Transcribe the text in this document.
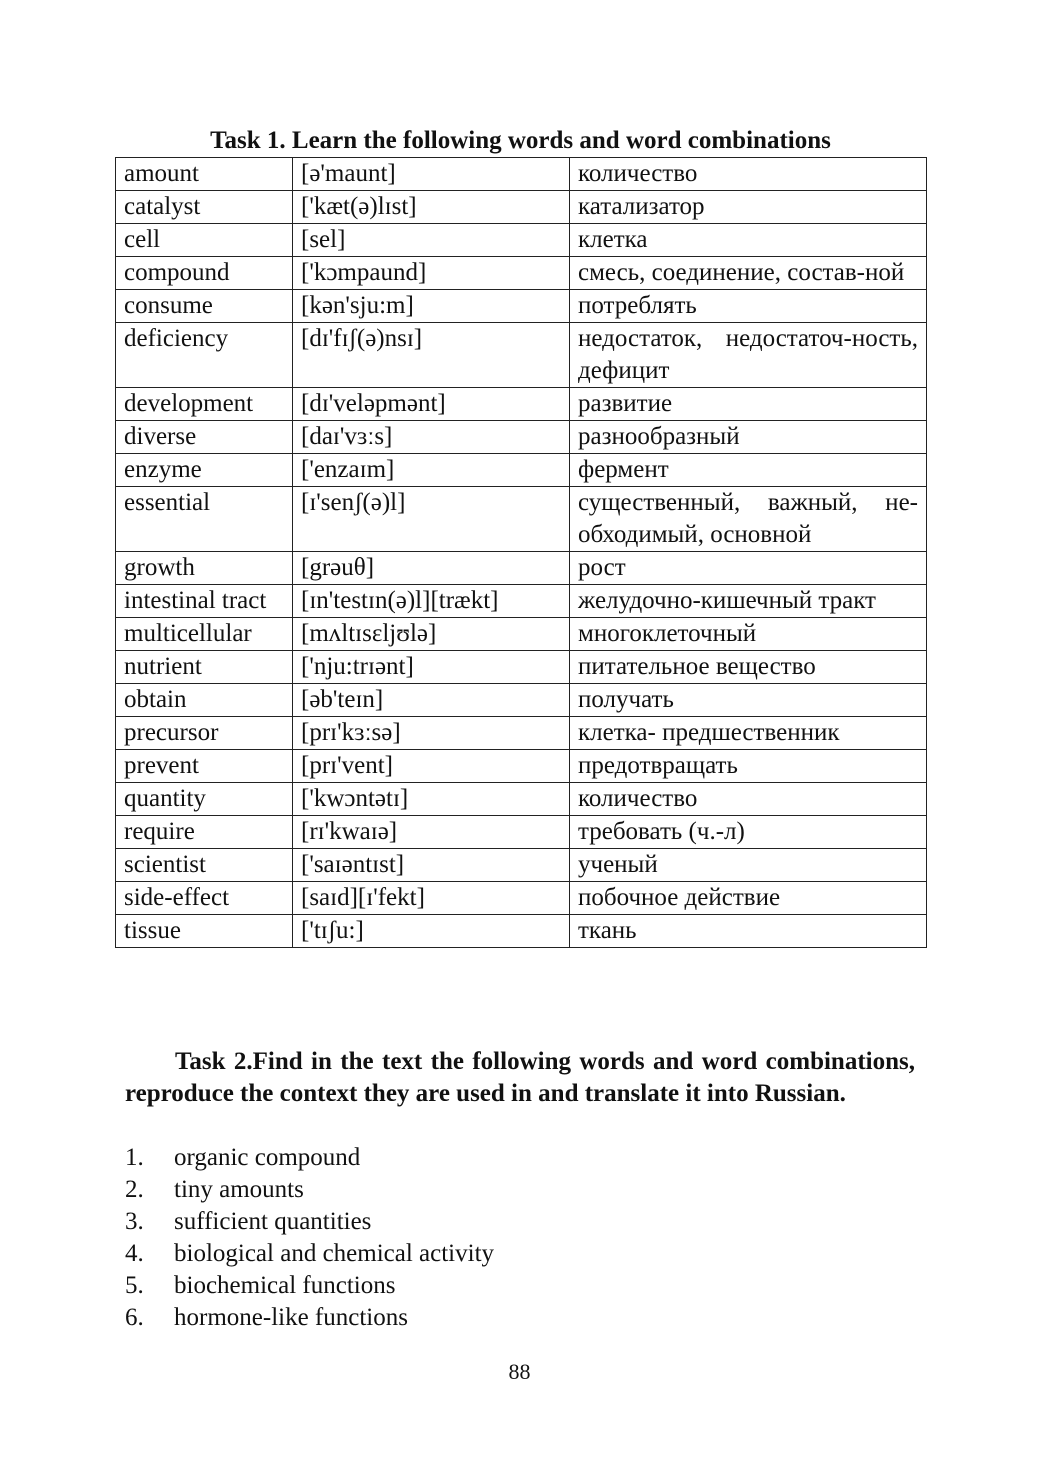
Task 1. Learn the following words and word combinations
amount	[ə'maunt]	количество
catalyst	['kæt(ə)lɪst]	катализатор
cell	[sel]	клетка
compound	['kɔmpaund]	смесь, соединение, состав-ной
consume	[kən'sju:m]	потреблять
deficiency	[dɪ'fɪʃ(ə)nsɪ]	недостаток, недостаточ-ность, дефицит
development	[dɪ'veləpmənt]	развитие
diverse	[daɪ'vɜːs]	разнообразный
enzyme	['enzaɪm]	фермент
essential	[ɪ'senʃ(ə)l]	существенный, важный, не-обходимый, основной
growth	[grəuθ]	рост
intestinal tract	[ɪn'testɪn(ə)l][trækt]	желудочно-кишечный тракт
multicellular	[mʌltɪsɛljʊlə]	многоклеточный
nutrient	['nju:trɪənt]	питательное вещество
obtain	[əb'teɪn]	получать
precursor	[prɪ'kɜːsə]	клетка- предшественник
prevent	[prɪ'vent]	предотвращать
quantity	['kwɔntətɪ]	количество
require	[rɪ'kwaɪə]	требовать (ч.-л)
scientist	['saɪəntɪst]	ученый
side-effect	[saɪd][ɪ'fekt]	побочное действие
tissue	['tɪʃu:]	ткань

Task 2.Find in the text the following words and word combinations, reproduce the context they are used in and translate it into Russian.

1.	organic compound
2.	tiny amounts
3.	sufficient quantities
4.	biological and chemical activity
5.	biochemical functions
6.	hormone-like functions
88
